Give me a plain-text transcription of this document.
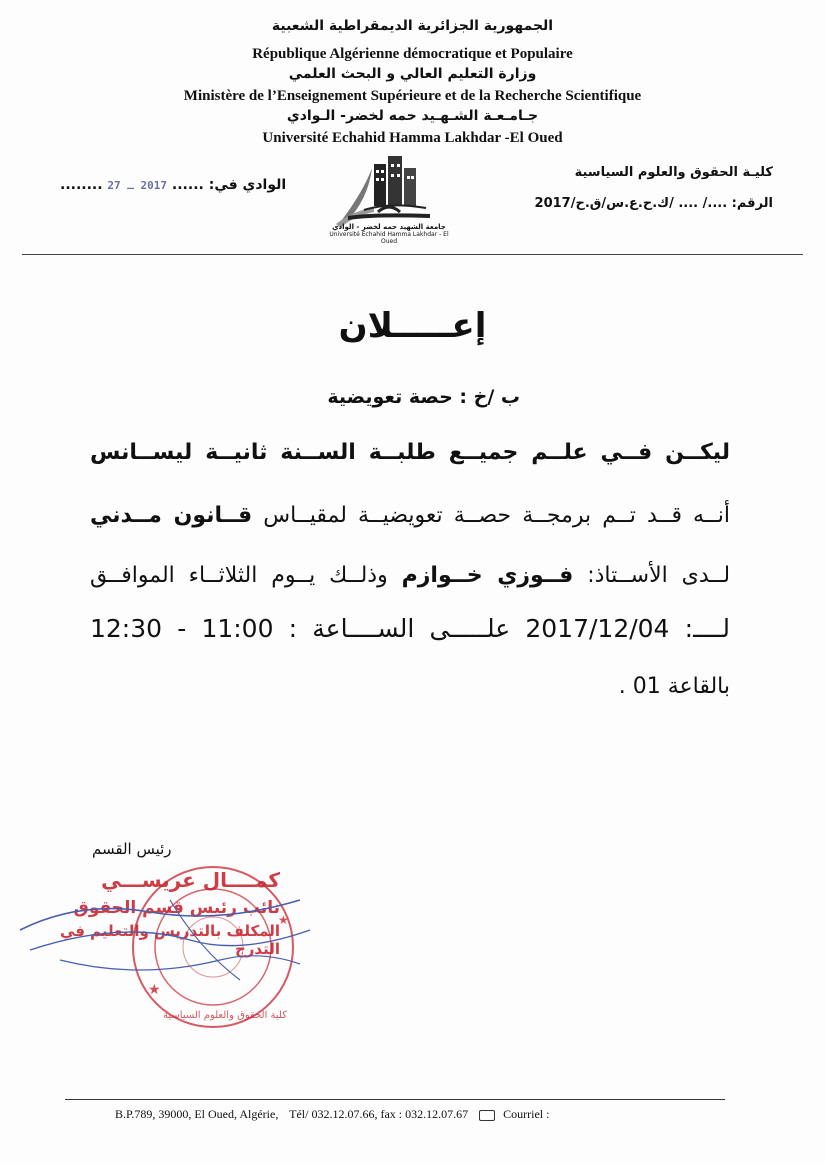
الجمهورية الجزائرية الديمقراطية الشعبية
République Algérienne démocratique et Populaire
وزارة التعليم العالي و البحث العلمي
Ministère de l’Enseignement Supérieure et de la Recherche Scientifique
جـامـعـة الشـهـيد حمه لخضر- الـوادي
Université Echahid Hamma Lakhdar -El Oued
كليـة الحقوق والعلوم السياسية
الرقم: ..../ .... /ك.ح.ع.س/ق.ح/2017
الوادي في: ...... 2017 ـ 27 ........
جامعة الشهيد حمه لخضر - الوادي
Université Echahid Hamma Lakhdar - El Oued
إعـــــلان
ب /خ : حصة تعويضية
ليكــن فــي علــم جميــع طلبــة الســنة ثانيــة ليســانس
أنــه قــد تــم برمجــة حصــة تعويضيــة لمقيــاس قــانون مــدني
لــدى الأســتاذ: فــوزي خــوازم وذلــك يــوم الثلاثــاء الموافــق
لــــ: 2017/12/04 علـــــى الســــاعة : 11:00 - 12:30
بالقاعة 01 .
رئيس القسم
★
★
كمــــال عريســـي
نائب رئيس قسم الحقوق
المكلف بالتدريس والتعليم في التدرج
كلية الحقوق والعلوم السياسية
B.P.789, 39000, El Oued, Algérie, Tél/ 032.12.07.66, fax : 032.12.07.67	Courriel :
